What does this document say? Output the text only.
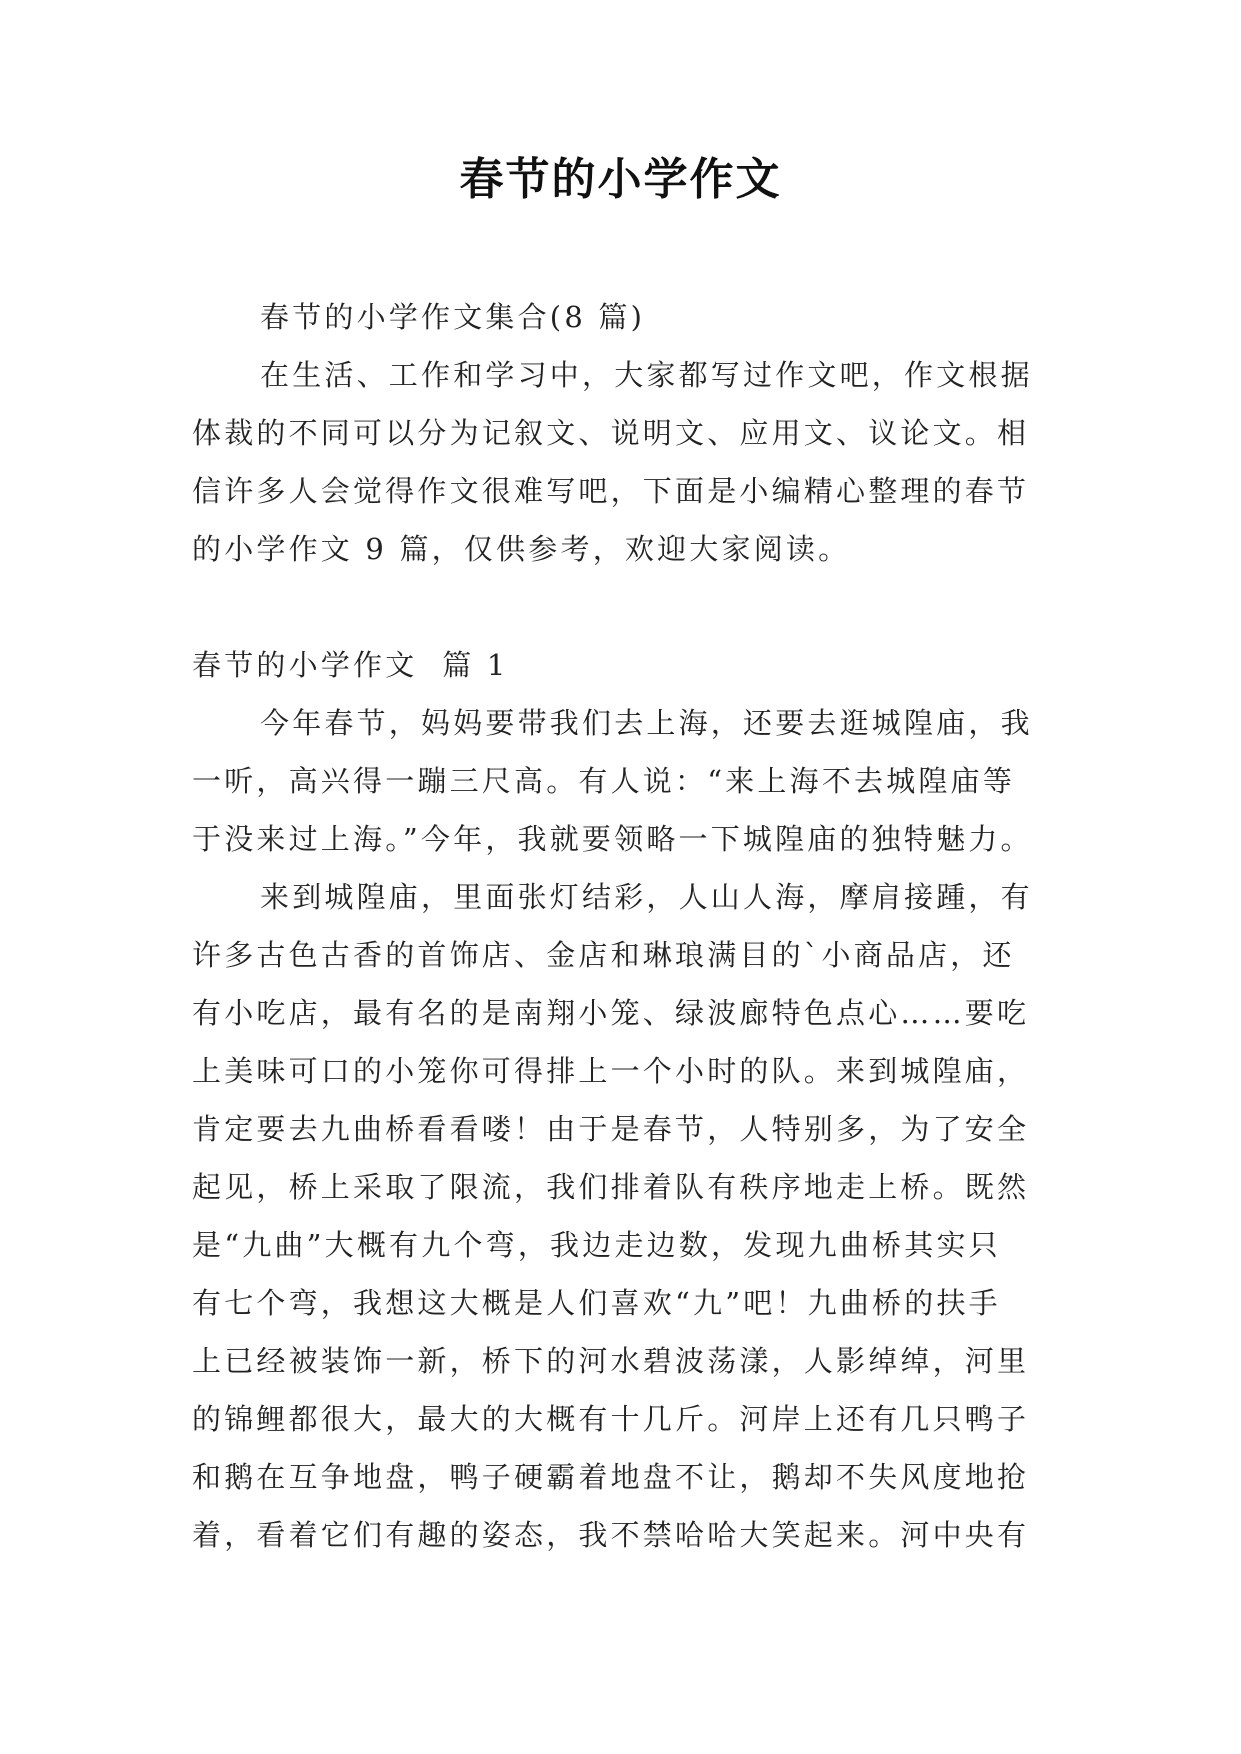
春节的小学作文
春节的小学作文集合(8 篇)
在生活、工作和学习中，大家都写过作文吧，作文根据
体裁的不同可以分为记叙文、说明文、应用文、议论文。相
信许多人会觉得作文很难写吧，下面是小编精心整理的春节
的小学作文 9 篇，仅供参考，欢迎大家阅读。
春节的小学作文  篇 1
今年春节，妈妈要带我们去上海，还要去逛城隍庙，我
一听，高兴得一蹦三尺高。有人说：“来上海不去城隍庙等
于没来过上海。”今年，我就要领略一下城隍庙的独特魅力。
来到城隍庙，里面张灯结彩，人山人海，摩肩接踵，有
许多古色古香的首饰店、金店和琳琅满目的`小商品店，还
有小吃店，最有名的是南翔小笼、绿波廊特色点心……要吃
上美味可口的小笼你可得排上一个小时的队。来到城隍庙，
肯定要去九曲桥看看喽！由于是春节，人特别多，为了安全
起见，桥上采取了限流，我们排着队有秩序地走上桥。既然
是“九曲”大概有九个弯，我边走边数，发现九曲桥其实只
有七个弯，我想这大概是人们喜欢“九”吧！九曲桥的扶手
上已经被装饰一新，桥下的河水碧波荡漾，人影绰绰，河里
的锦鲤都很大，最大的大概有十几斤。河岸上还有几只鸭子
和鹅在互争地盘，鸭子硬霸着地盘不让，鹅却不失风度地抢
着，看着它们有趣的姿态，我不禁哈哈大笑起来。河中央有
